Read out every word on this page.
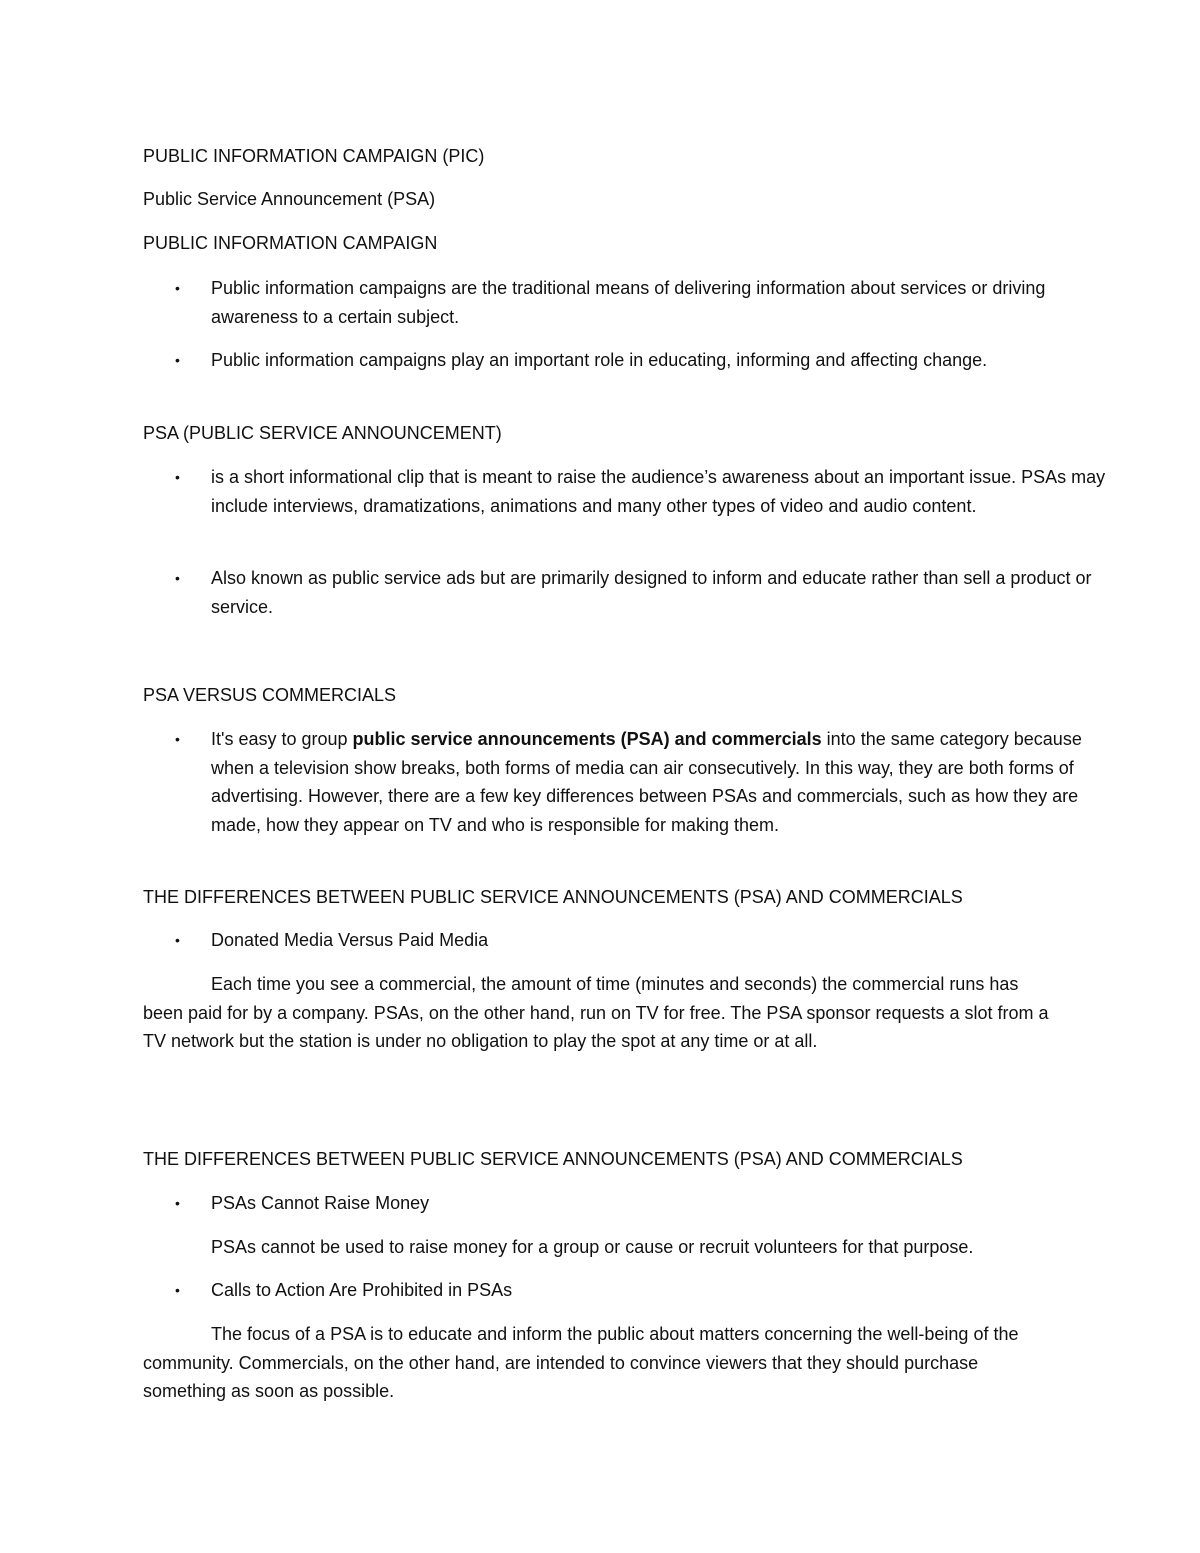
PUBLIC INFORMATION CAMPAIGN (PIC)
Public Service Announcement (PSA)
PUBLIC INFORMATION CAMPAIGN
• Public information campaigns are the traditional means of delivering information about services or driving awareness to a certain subject.
• Public information campaigns play an important role in educating, informing and affecting change.
PSA (PUBLIC SERVICE ANNOUNCEMENT)
• is a short informational clip that is meant to raise the audience’s awareness about an important issue. PSAs may include interviews, dramatizations, animations and many other types of video and audio content.
• Also known as public service ads but are primarily designed to inform and educate rather than sell a product or service.
PSA VERSUS COMMERCIALS
• It's easy to group public service announcements (PSA) and commercials into the same category because when a television show breaks, both forms of media can air consecutively. In this way, they are both forms of advertising. However, there are a few key differences between PSAs and commercials, such as how they are made, how they appear on TV and who is responsible for making them.
THE DIFFERENCES BETWEEN PUBLIC SERVICE ANNOUNCEMENTS (PSA) AND COMMERCIALS
• Donated Media Versus Paid Media
Each time you see a commercial, the amount of time (minutes and seconds) the commercial runs has been paid for by a company. PSAs, on the other hand, run on TV for free. The PSA sponsor requests a slot from a TV network but the station is under no obligation to play the spot at any time or at all.
THE DIFFERENCES BETWEEN PUBLIC SERVICE ANNOUNCEMENTS (PSA) AND COMMERCIALS
• PSAs Cannot Raise Money
PSAs cannot be used to raise money for a group or cause or recruit volunteers for that purpose.
• Calls to Action Are Prohibited in PSAs
The focus of a PSA is to educate and inform the public about matters concerning the well-being of the community. Commercials, on the other hand, are intended to convince viewers that they should purchase something as soon as possible.
